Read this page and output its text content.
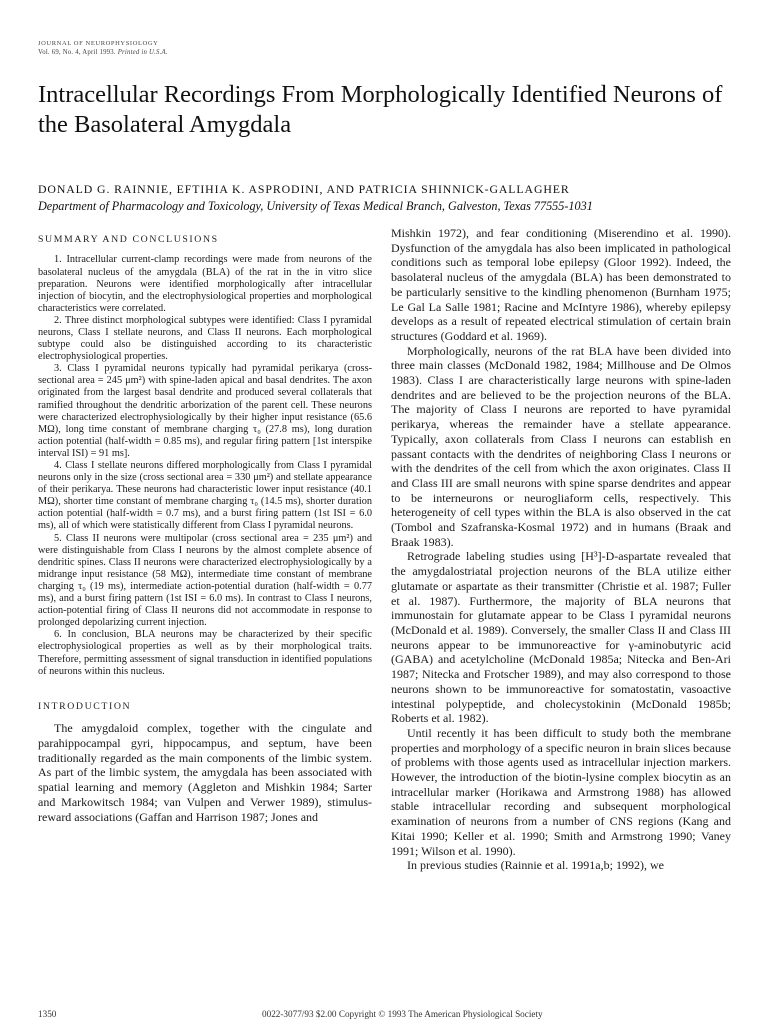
JOURNAL OF NEUROPHYSIOLOGY
Vol. 69, No. 4, April 1993. Printed in U.S.A.
Intracellular Recordings From Morphologically Identified Neurons of the Basolateral Amygdala
DONALD G. RAINNIE, EFTIHIA K. ASPRODINI, AND PATRICIA SHINNICK-GALLAGHER
Department of Pharmacology and Toxicology, University of Texas Medical Branch, Galveston, Texas 77555-1031
SUMMARY AND CONCLUSIONS

1. Intracellular current-clamp recordings were made from neurons of the basolateral nucleus of the amygdala (BLA) of the rat in the in vitro slice preparation. Neurons were identified morphologically after intracellular injection of biocytin, and the electrophysiological properties and morphological characteristics were correlated.

2. Three distinct morphological subtypes were identified: Class I pyramidal neurons, Class I stellate neurons, and Class II neurons. Each morphological subtype could also be distinguished according to its characteristic electrophysiological properties.

3. Class I pyramidal neurons typically had pyramidal perikarya (cross-sectional area = 245 μm²) with spine-laden apical and basal dendrites. The axon originated from the largest basal dendrite and produced several collaterals that ramified throughout the dendritic arborization of the parent cell. These neurons were characterized electrophysiologically by their higher input resistance (65.6 MΩ), long time constant of membrane charging τ₀ (27.8 ms), long duration action potential (half-width = 0.85 ms), and regular firing pattern [1st interspike interval ISI) = 91 ms].

4. Class I stellate neurons differed morphologically from Class I pyramidal neurons only in the size (cross sectional area = 330 μm²) and stellate appearance of their perikarya. These neurons had characteristic lower input resistance (40.1 MΩ), shorter time constant of membrane charging τ₀ (14.5 ms), shorter duration action potential (half-width = 0.7 ms), and a burst firing pattern (1st ISI = 6.0 ms), all of which were statistically different from Class I pyramidal neurons.

5. Class II neurons were multipolar (cross sectional area = 235 μm²) and were distinguishable from Class I neurons by the almost complete absence of dendritic spines. Class II neurons were characterized electrophysiologically by a midrange input resistance (58 MΩ), intermediate time constant of membrane charging τ₀ (19 ms), intermediate action-potential duration (half-width = 0.77 ms), and a burst firing pattern (1st ISI = 6.0 ms). In contrast to Class I neurons, action-potential firing of Class II neurons did not accommodate in response to prolonged depolarizing current injection.

6. In conclusion, BLA neurons may be characterized by their specific electrophysiological properties as well as by their morphological traits. Therefore, permitting assessment of signal transduction in identified populations of neurons within this nucleus.

INTRODUCTION

The amygdaloid complex, together with the cingulate and parahippocampal gyri, hippocampus, and septum, have been traditionally regarded as the main components of the limbic system. As part of the limbic system, the amygdala has been associated with spatial learning and memory (Aggleton and Mishkin 1984; Sarter and Markowitsch 1984; van Vulpen and Verwer 1989), stimulus-reward associations (Gaffan and Harrison 1987; Jones and

Mishkin 1972), and fear conditioning (Miserendino et al. 1990). Dysfunction of the amygdala has also been implicated in pathological conditions such as temporal lobe epilepsy (Gloor 1992). Indeed, the basolateral nucleus of the amygdala (BLA) has been demonstrated to be particularly sensitive to the kindling phenomenon (Burnham 1975; Le Gal La Salle 1981; Racine and McIntyre 1986), whereby epilepsy develops as a result of repeated electrical stimulation of certain brain structures (Goddard et al. 1969).

Morphologically, neurons of the rat BLA have been divided into three main classes (McDonald 1982, 1984; Millhouse and De Olmos 1983). Class I are characteristically large neurons with spine-laden dendrites and are believed to be the projection neurons of the BLA. The majority of Class I neurons are reported to have pyramidal perikarya, whereas the remainder have a stellate appearance. Typically, axon collaterals from Class I neurons can establish en passant contacts with the dendrites of neighboring Class I neurons or with the dendrites of the cell from which the axon originates. Class II and Class III are small neurons with spine sparse dendrites and appear to be interneurons or neurogliaform cells, respectively. This heterogeneity of cell types within the BLA is also observed in the cat (Tombol and Szafranska-Kosmal 1972) and in humans (Braak and Braak 1983).

Retrograde labeling studies using [H³]-D-aspartate revealed that the amygdalostriatal projection neurons of the BLA utilize either glutamate or aspartate as their transmitter (Christie et al. 1987; Fuller et al. 1987). Furthermore, the majority of BLA neurons that immunostain for glutamate appear to be Class I pyramidal neurons (McDonald et al. 1989). Conversely, the smaller Class II and Class III neurons appear to be immunoreactive for γ-aminobutyric acid (GABA) and acetylcholine (McDonald 1985a; Nitecka and Ben-Ari 1987; Nitecka and Frotscher 1989), and may also correspond to those neurons shown to be immunoreactive for somatostatin, vasoactive intestinal polypeptide, and cholecystokinin (McDonald 1985b; Roberts et al. 1982).

Until recently it has been difficult to study both the membrane properties and morphology of a specific neuron in brain slices because of problems with those agents used as intracellular injection markers. However, the introduction of the biotin-lysine complex biocytin as an intracellular marker (Horikawa and Armstrong 1988) has allowed stable intracellular recording and subsequent morphological examination of neurons from a number of CNS regions (Kang and Kitai 1990; Keller et al. 1990; Smith and Armstrong 1990; Vaney 1991; Wilson et al. 1990).

In previous studies (Rainnie et al. 1991a,b; 1992), we

1350	0022-3077/93 $2.00 Copyright © 1993 The American Physiological Society
